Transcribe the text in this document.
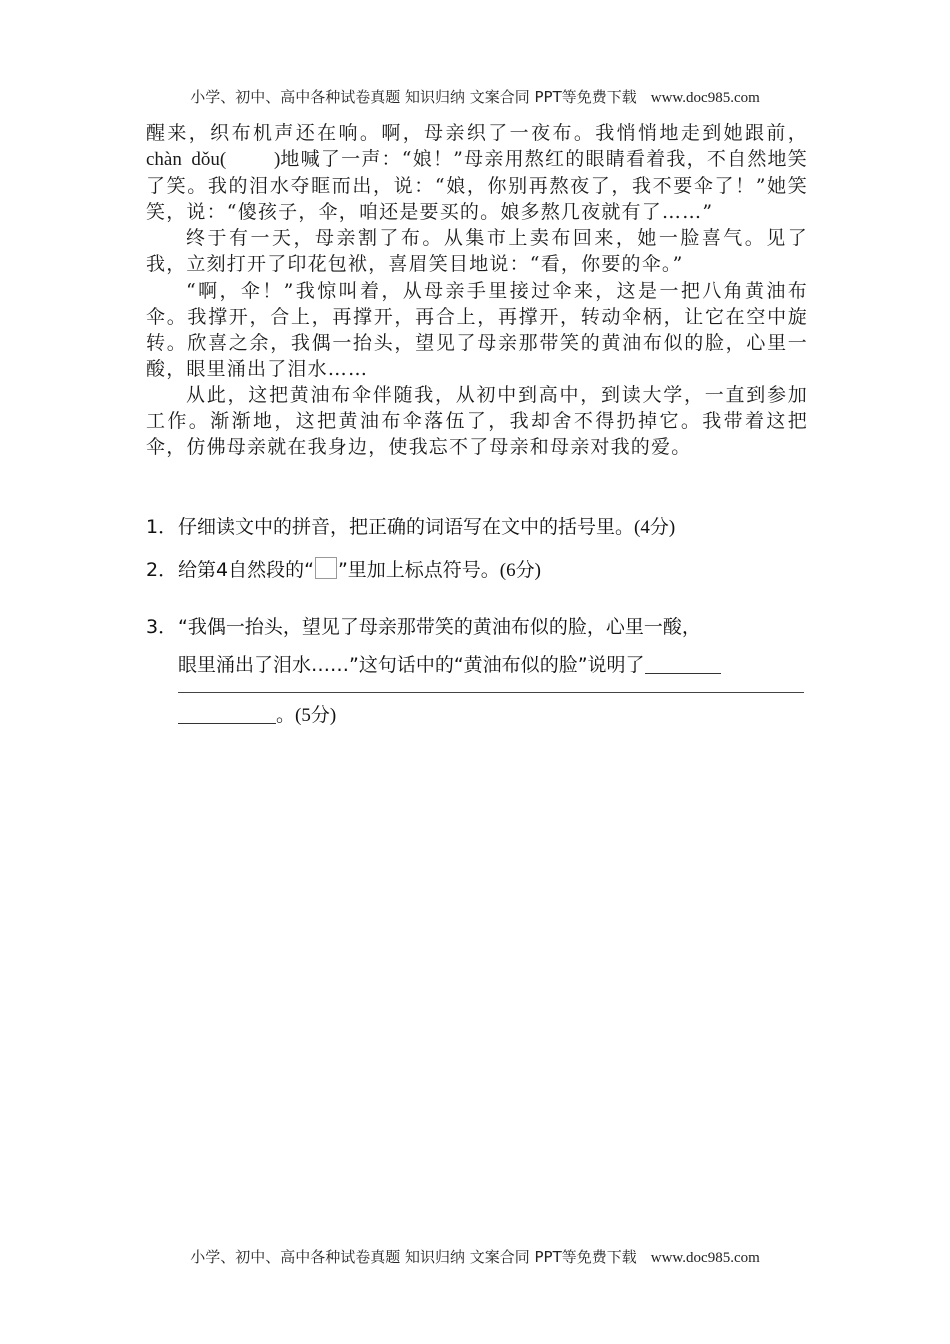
小学、初中、高中各种试卷真题 知识归纳 文案合同 PPT等免费下载 www.doc985.com

醒来，织布机声还在响。啊，母亲织了一夜布。我悄悄地走到她跟前，chàn  dǒu(          )地喊了一声：“娘！”母亲用熬红的眼睛看着我，不自然地笑了笑。我的泪水夺眶而出，说：“娘，你别再熬夜了，我不要伞了！”她笑笑，说：“傻孩子，伞，咱还是要买的。娘多熬几夜就有了……”

终于有一天，母亲割了布。从集市上卖布回来，她一脸喜气。见了我，立刻打开了印花包袱，喜眉笑目地说：“看，你要的伞。”

“啊，伞！”我惊叫着，从母亲手里接过伞来，这是一把八角黄油布伞。我撑开，合上，再撑开，再合上，再撑开，转动伞柄，让它在空中旋转。欣喜之余，我偶一抬头，望见了母亲那带笑的黄油布似的脸，心里一酸，眼里涌出了泪水……

从此，这把黄油布伞伴随我，从初中到高中，到读大学，一直到参加工作。渐渐地，这把黄油布伞落伍了，我却舍不得扔掉它。我带着这把伞，仿佛母亲就在我身边，使我忘不了母亲和母亲对我的爱。

1．仔细读文中的拼音，把正确的词语写在文中的括号里。(4分)
2．给第4自然段的“ ”里加上标点符号。(6分)
3．“我偶一抬头，望见了母亲那带笑的黄油布似的脸，心里一酸，
眼里涌出了泪水……”这句话中的“黄油布似的脸”说明了
。(5分)
小学、初中、高中各种试卷真题 知识归纳 文案合同 PPT等免费下载 www.doc985.com
